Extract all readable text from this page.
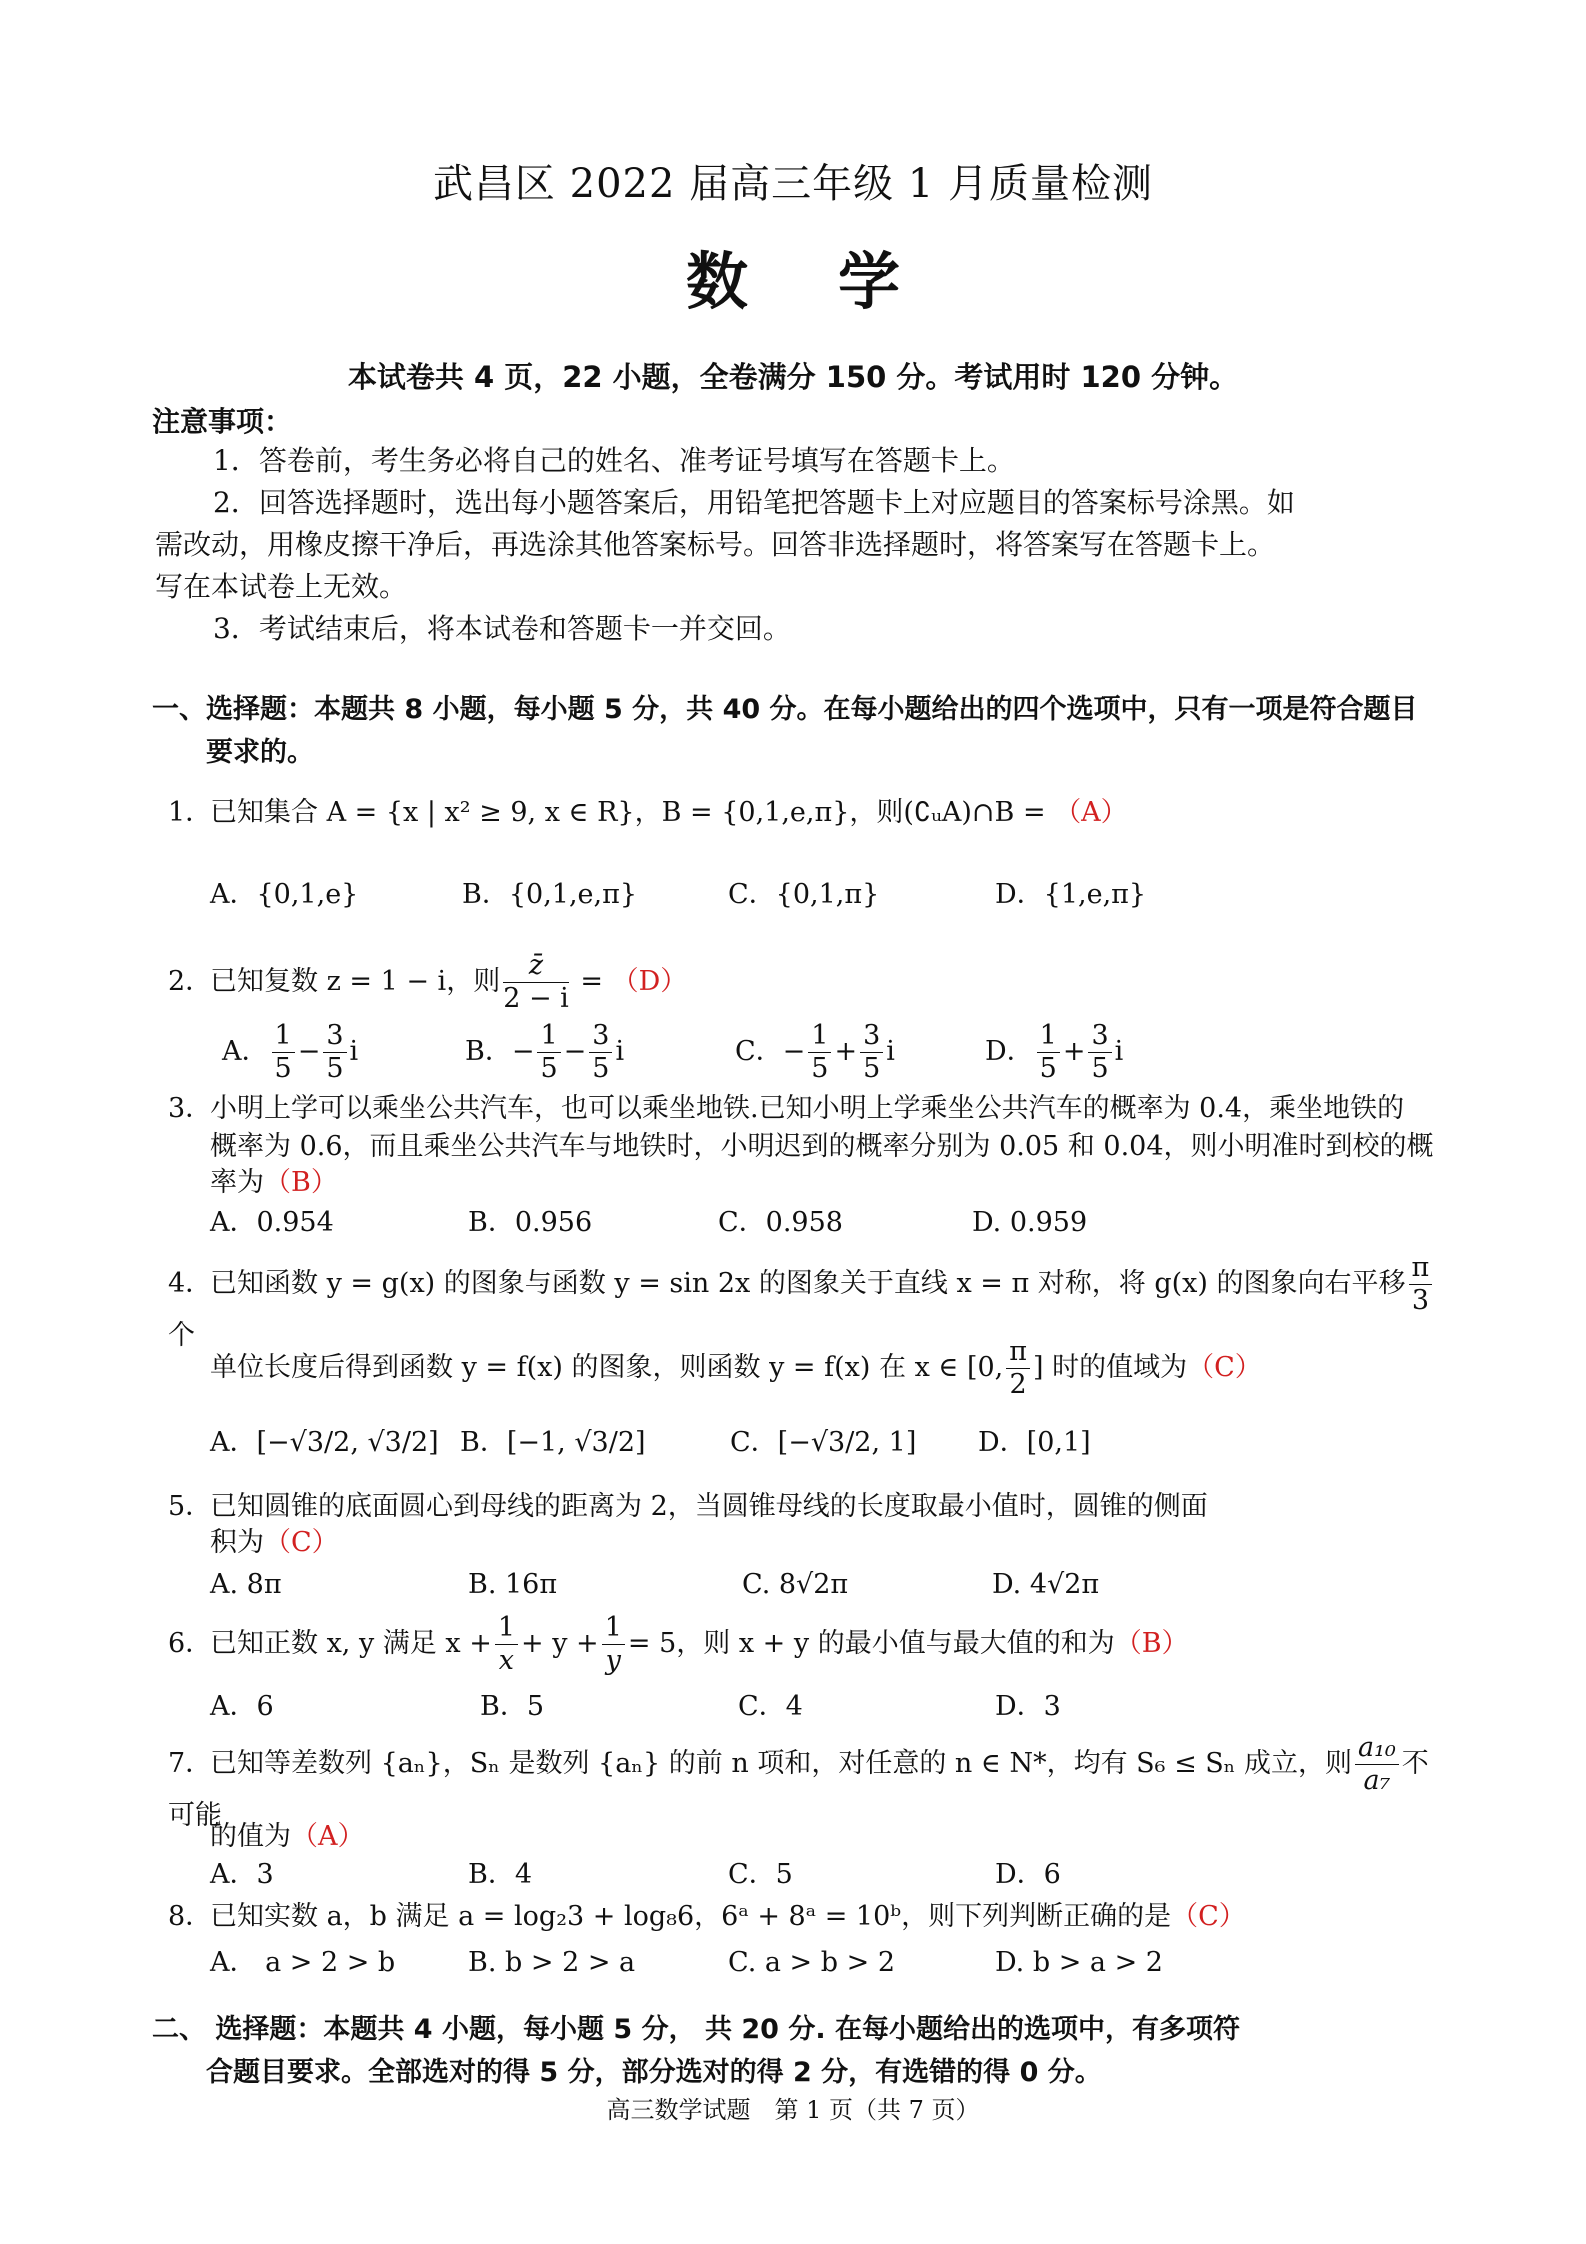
武昌区 2022 届高三年级 1 月质量检测
数学
本试卷共 4 页，22 小题，全卷满分 150 分。考试用时 120 分钟。
注意事项：
1．答卷前，考生务必将自己的姓名、准考证号填写在答题卡上。
2．回答选择题时，选出每小题答案后，用铅笔把答题卡上对应题目的答案标号涂黑。如
需改动，用橡皮擦干净后，再选涂其他答案标号。回答非选择题时，将答案写在答题卡上。
写在本试卷上无效。
3．考试结束后，将本试卷和答题卡一并交回。
一、选择题：本题共 8 小题，每小题 5 分，共 40 分。在每小题给出的四个选项中，只有一项是符合题目
要求的。
1．已知集合 A = {x | x² ≥ 9, x ∈ R}，B = {0,1,e,π}，则(∁ᵤA)∩B = （A）
A．{0,1,e}	B．{0,1,e,π}	C．{0,1,π}	D．{1,e,π}
2．已知复数 z = 1 − i，则 $\frac{z̄}{2 - i} = (D)$
A． $\frac{1}{5} - \frac{3}{5}$ i	B．− $\frac{1}{5} - \frac{3}{5}$ i	C．− $\frac{1}{5} + \frac{3}{5}$ i	D． $\frac{1}{5} + \frac{3}{5}$ i
3．小明上学可以乘坐公共汽车，也可以乘坐地铁.已知小明上学乘坐公共汽车的概率为 0.4，乘坐地铁的
概率为 0.6，而且乘坐公共汽车与地铁时，小明迟到的概率分别为 0.05 和 0.04，则小明准时到校的概
率为（B）
A．0.954	B．0.956	C．0.958	D. 0.959
4．已知函数 y = g(x) 的图象与函数 y = sin 2x 的图象关于直线 x = π 对称，将 g(x) 的图象向右平移 $\frac{\pi}{3}$
个
单位长度后得到函数 y = f(x) 的图象，则函数 y = f(x) 在 x ∈ [0, $\frac{\pi}{2}$ ] 时的值域为（C）
A．[−√3/2, √3/2] B．[−1, √3/2]	C．[−√3/2, 1] D．[0,1]
5．已知圆锥的底面圆心到母线的距离为 2，当圆锥母线的长度取最小值时，圆锥的侧面
积为（C）
A. 8π	B. 16π	C. 8√2π	D. 4√2π
6．已知正数 x, y 满足 $x + \frac{1}{x} + y + \frac{1}{y} = 5$，则 x + y 的最小值与最大值的和为（B）
A．6	B．5	C．4	D．3
7．已知等差数列 {aₙ}，Sₙ 是数列 {aₙ} 的前 n 项和，对任意的 n ∈ N*，均有 S₆ ≤ Sₙ 成立，则 $\frac{\text{a₁₀}}{\text{a₇}}$ 不可能
的值为（A）
A．3	B．4	C．5	D．6
8．已知实数 a，b 满足 a = log₂3 + log₈6，6ᵃ + 8ᵃ = 10ᵇ，则下列判断正确的是（C）
A． a > 2 > b	B. b > 2 > a	C. a > b > 2	D. b > a > 2
二、 选择题：本题共 4 小题，每小题 5 分， 共 20 分. 在每小题给出的选项中，有多项符
合题目要求。全部选对的得 5 分，部分选对的得 2 分，有选错的得 0 分。
高三数学试题　第 1 页（共 7 页）
